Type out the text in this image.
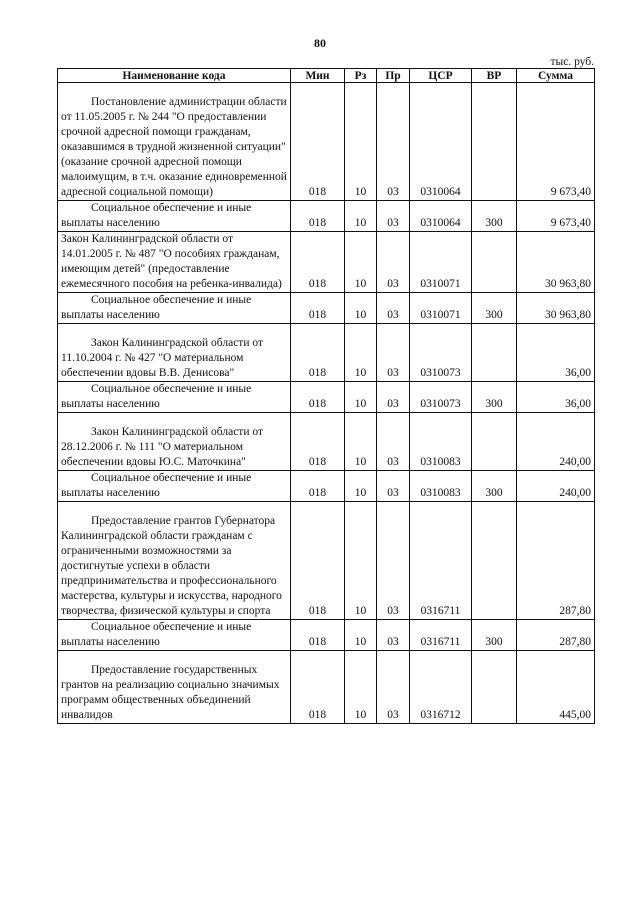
80
тыс. руб.
Наименование кода	Мин	Рз	Пр	ЦСР	ВР	Сумма

Постановление администрации области от 11.05.2005 г. № 244 "О предоставлении срочной адресной помощи гражданам, оказавшимся в трудной жизненной ситуации" (оказание срочной адресной помощи малоимущим, в т.ч. оказание единовременной адресной социальной помощи)	018	10	03	0310064		9 673,40

Социальное обеспечение и иные выплаты населению	018	10	03	0310064	300	9 673,40

Закон Калининградской области от 14.01.2005 г. № 487 "О пособиях гражданам, имеющим детей" (предоставление ежемесячного пособия на ребенка-инвалида)	018	10	03	0310071		30 963,80

Социальное обеспечение и иные выплаты населению	018	10	03	0310071	300	30 963,80

Закон Калининградской области от 11.10.2004 г. № 427 "О материальном обеспечении вдовы В.В. Денисова"	018	10	03	0310073		36,00

Социальное обеспечение и иные выплаты населению	018	10	03	0310073	300	36,00

Закон Калининградской области от 28.12.2006 г. № 111 "О материальном обеспечении вдовы Ю.С. Маточкина"	018	10	03	0310083		240,00

Социальное обеспечение и иные выплаты населению	018	10	03	0310083	300	240,00

Предоставление грантов Губернатора Калининградской области гражданам с ограниченными возможностями за достигнутые успехи в области предпринимательства и профессионального мастерства, культуры и искусства, народного творчества, физической культуры и спорта	018	10	03	0316711		287,80

Социальное обеспечение и иные выплаты населению	018	10	03	0316711	300	287,80

Предоставление государственных грантов на реализацию социально значимых программ общественных объединений инвалидов	018	10	03	0316712		445,00
